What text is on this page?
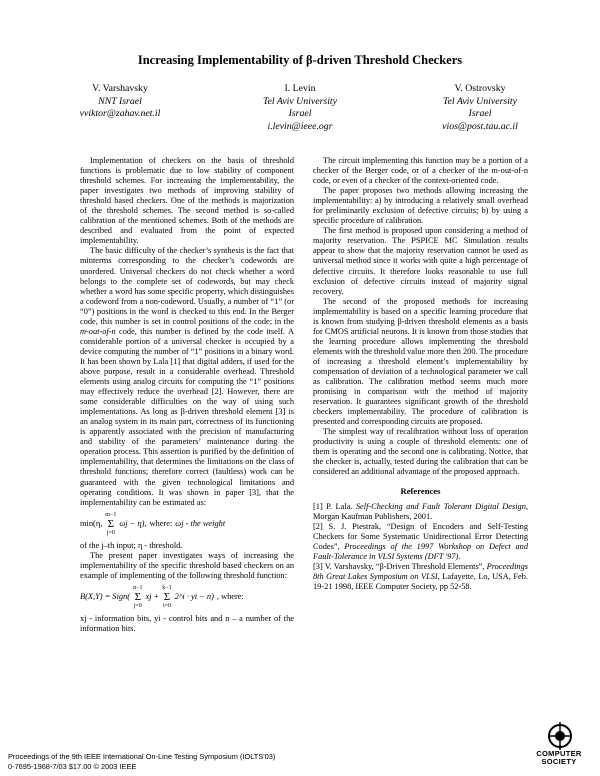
Increasing Implementability of β-driven Threshold Checkers
V. Varshavsky
NNT Israel
vviktor@zahav.net.il
I. Levin
Tel Aviv University
Israel
i.levin@ieee.ogr
V. Ostrovsky
Tel Aviv University
Israel
vios@post.tau.ac.il

Implementation of checkers on the basis of threshold functions is problematic due to low stability of component threshold schemes. For increasing the implementability, the paper investigates two methods of improving stability of threshold based checkers. One of the methods is majorization of the threshold schemes. The second method is so-called calibration of the mentioned schemes. Both of the methods are described and evaluated from the point of expected implementability.

The basic difficulty of the checker’s synthesis is the fact that minterms corresponding to the checker’s codewords are unordered. Universal checkers do not check whether a word belongs to the complete set of codewords, but may check whether a word has some specific property, which distinguishes a codeword from a non-codeword. Usually, a number of “1” (or “0”) positions in the word is checked to this end. In the Berger code, this number is set in control positions of the code; in the m-out-of-n code, this number is defined by the code itself. A considerable portion of a universal checker is occupied by a device computing the number of “1” positions in a binary word. It has been shown by Lala [1] that digital adders, if used for the above purpose, result in a considerable overhead. Threshold elements using analog circuits for computing the “1” positions may effectively reduce the overhead [2]. However, there are some considerable difficulties on the way of using such implementations. As long as β-driven threshold element [3] is an analog system in its main part, correctness of its functioning is apparently associated with the precision of manufacturing and stability of the parameters’ maintenance during the operation process. This assertion is purified by the definition of implementability, that determines the limitations on the class of threshold functions; therefore correct (faultless) work can be guaranteed with the given technological limitations and operating conditions. It was shown in paper [3], that the implementability can be estimated as:

min(η,
m−1
Σ
j=0
ωj − η), where: ωj - the weight

of the j–th input; η - threshold.

The present paper investigates ways of increasing the implementability of the specific threshold based checkers on an example of implementing of the following threshold function:

B(X,Y) = Sign(
n−1
Σ
j=0
xj +
k−1
Σ
i=0
2^i · yi − n) , where:

xj - information bits, yi - control bits and n – a number of the information bits.

The circuit implementing this function may be a portion of a checker of the Berger code, or of a checker of the m-out-of-n code, or even of a checker of the context-oriented code.

The paper proposes two methods allowing increasing the implementability: a) by introducing a relatively small overhead for preliminarily exclusion of defective circuits; b) by using a specific procedure of calibration.

The first method is proposed upon considering a method of majority reservation. The PSPICE MC Simulation results appear to show that the majority reservation cannot be used as universal method since it works with quite a high percentage of defective circuits. It therefore looks reasonable to use full exclusion of defective circuits instead of majority signal recovery.

The second of the proposed methods for increasing implementability is based on a specific learning procedure that is known from studying β-driven threshold elements as a basis for CMOS artificial neurons. It is known from those studies that the learning procedure allows implementing the threshold elements with the threshold value more then 200. The procedure of increasing a threshold element’s implementability by compensation of deviation of a technological parameter we call as calibration. The calibration method seems much more promising in comparison with the method of majority reservation. It guarantees significant growth of the threshold checkers implementability. The procedure of calibration is presented and corresponding circuits are proposed.

The simplest way of recalibration without loss of operation productivity is using a couple of threshold elements: one of them is operating and the second one is calibrating. Notice, that the checker is, actually, tested during the calibration that can be considered an additional advantage of the proposed approach.

References

[1] P. Lala. Self-Checking and Fault Tolerant Digital Design, Morgan Kaufman Publishers, 2001.

[2] S. J. Piestrak, “Design of Encoders and Self-Testing Checkers for Some Systematic Unidirectional Error Detecting Codes”, Proceedings of the 1997 Workshop on Defect and Fault-Tolerance in VLSI Systems (DFT '97).

[3] V. Varshavsky, “β-Driven Threshold Elements”, Proceedings 8th Great Lakes Symposium on VLSI, Lafayette, Lo, USA, Feb. 19-21 1998, IEEE Computer Society, pp 52-58.

Proceedings of the 9th IEEE International On-Line Testing Symposium (IOLTS'03)
0-7695-1968-7/03 $17.00 © 2003 IEEE
COMPUTER
SOCIETY
